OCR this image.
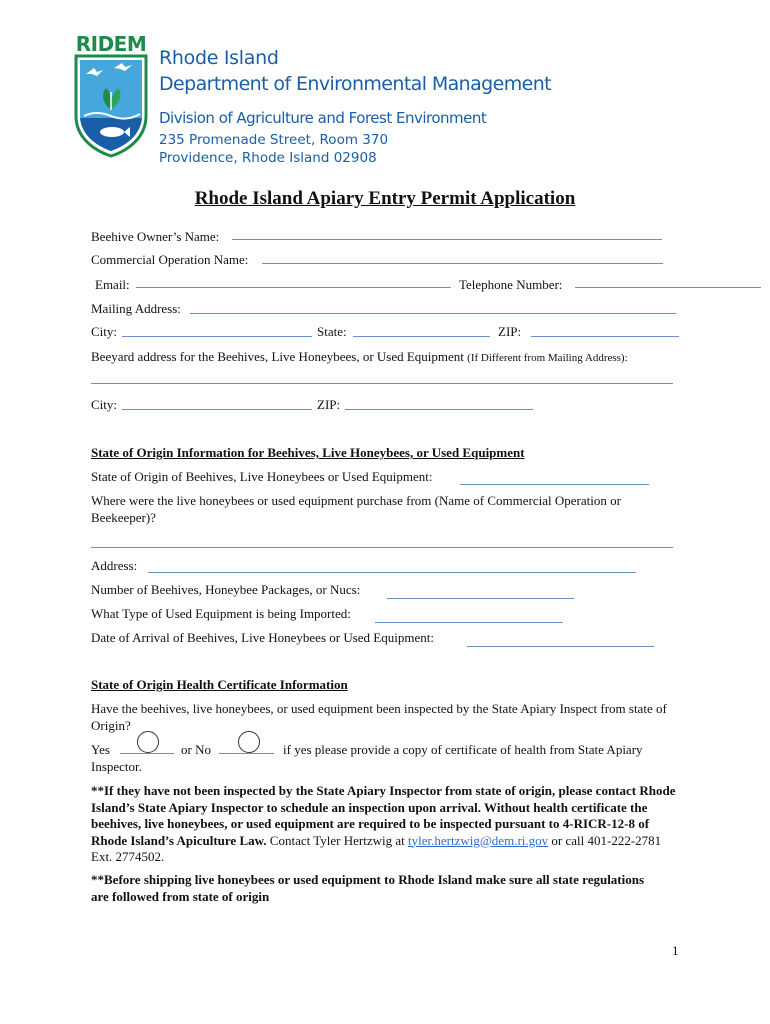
RIDEM
Rhode Island
Department of Environmental Management
Division of Agriculture and Forest Environment
235 Promenade Street, Room 370
Providence, Rhode Island 02908
Rhode Island Apiary Entry Permit Application
Beehive Owner’s Name:
Commercial Operation Name:
Email:	Telephone Number:
Mailing Address:
City:	State:	ZIP:
Beeyard address for the Beehives, Live Honeybees, or Used Equipment (If Different from Mailing Address):
City:	ZIP:
State of Origin Information for Beehives, Live Honeybees, or Used Equipment
State of Origin of Beehives, Live Honeybees or Used Equipment:
Where were the live honeybees or used equipment purchase from (Name of Commercial Operation or Beekeeper)?
Address:
Number of Beehives, Honeybee Packages, or Nucs:
What Type of Used Equipment is being Imported:
Date of Arrival of Beehives, Live Honeybees or Used Equipment:
State of Origin Health Certificate Information
Have the beehives, live honeybees, or used equipment been inspected by the State Apiary Inspect from state of Origin?
Yes	or No	if yes please provide a copy of certificate of health from State Apiary
Inspector.
**If they have not been inspected by the State Apiary Inspector from state of origin, please contact Rhode Island’s State Apiary Inspector to schedule an inspection upon arrival. Without health certificate the beehives, live honeybees, or used equipment are required to be inspected pursuant to 4-RICR-12-8 of Rhode Island’s Apiculture Law. Contact Tyler Hertzwig at tyler.hertzwig@dem.ri.gov or call 401-222-2781 Ext. 2774502.
**Before shipping live honeybees or used equipment to Rhode Island make sure all state regulations are followed from state of origin
1
